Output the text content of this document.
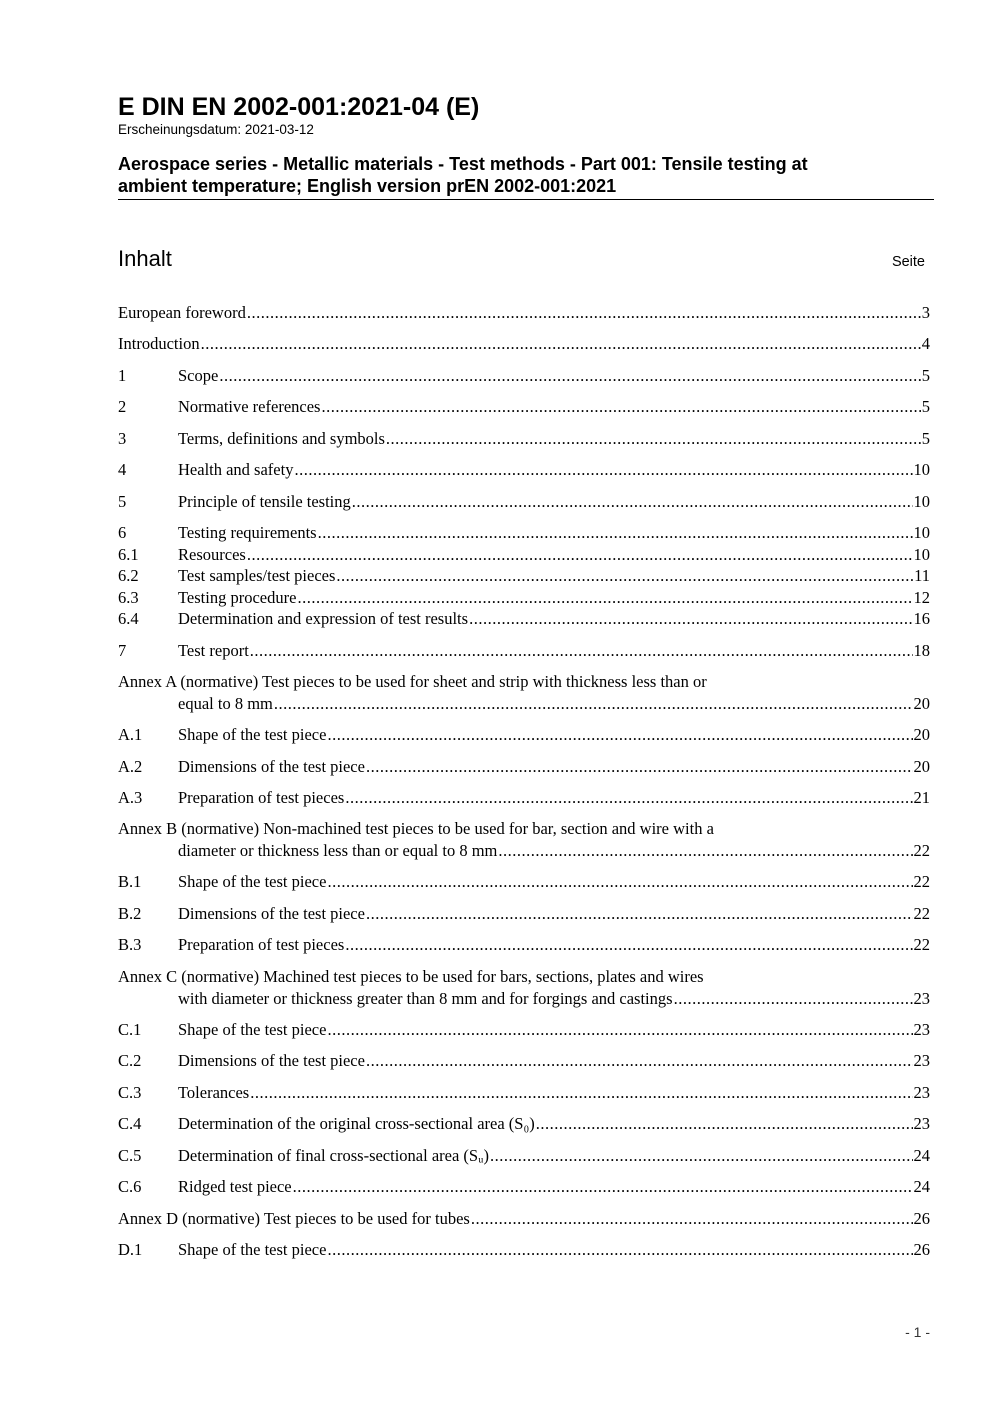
E DIN EN 2002-001:2021-04 (E)
Erscheinungsdatum: 2021-03-12
Aerospace series - Metallic materials - Test methods - Part 001: Tensile testing at
ambient temperature; English version prEN 2002-001:2021
Inhalt	Seite
European foreword .....	3
Introduction .....	4
1	Scope .....	5
2	Normative references .....	5
3	Terms, definitions and symbols .....	5
4	Health and safety .....	10
5	Principle of tensile testing .....	10
6	Testing requirements .....	10
6.1	Resources .....	10
6.2	Test samples/test pieces .....	11
6.3	Testing procedure .....	12
6.4	Determination and expression of test results .....	16
7	Test report .....	18
Annex A (normative) Test pieces to be used for sheet and strip with thickness less than or
equal to 8 mm .....	20
A.1	Shape of the test piece .....	20
A.2	Dimensions of the test piece .....	20
A.3	Preparation of test pieces .....	21
Annex B (normative) Non-machined test pieces to be used for bar, section and wire with a
diameter or thickness less than or equal to 8 mm .....	22
B.1	Shape of the test piece .....	22
B.2	Dimensions of the test piece .....	22
B.3	Preparation of test pieces .....	22
Annex C (normative) Machined test pieces to be used for bars, sections, plates and wires
with diameter or thickness greater than 8 mm and for forgings and castings .....	23
C.1	Shape of the test piece .....	23
C.2	Dimensions of the test piece .....	23
C.3	Tolerances .....	23
C.4	Determination of the original cross-sectional area (S₀) .....	23
C.5	Determination of final cross-sectional area (Sᵤ) .....	24
C.6	Ridged test piece .....	24
Annex D (normative) Test pieces to be used for tubes .....	26
D.1	Shape of the test piece .....	26
- 1 -
